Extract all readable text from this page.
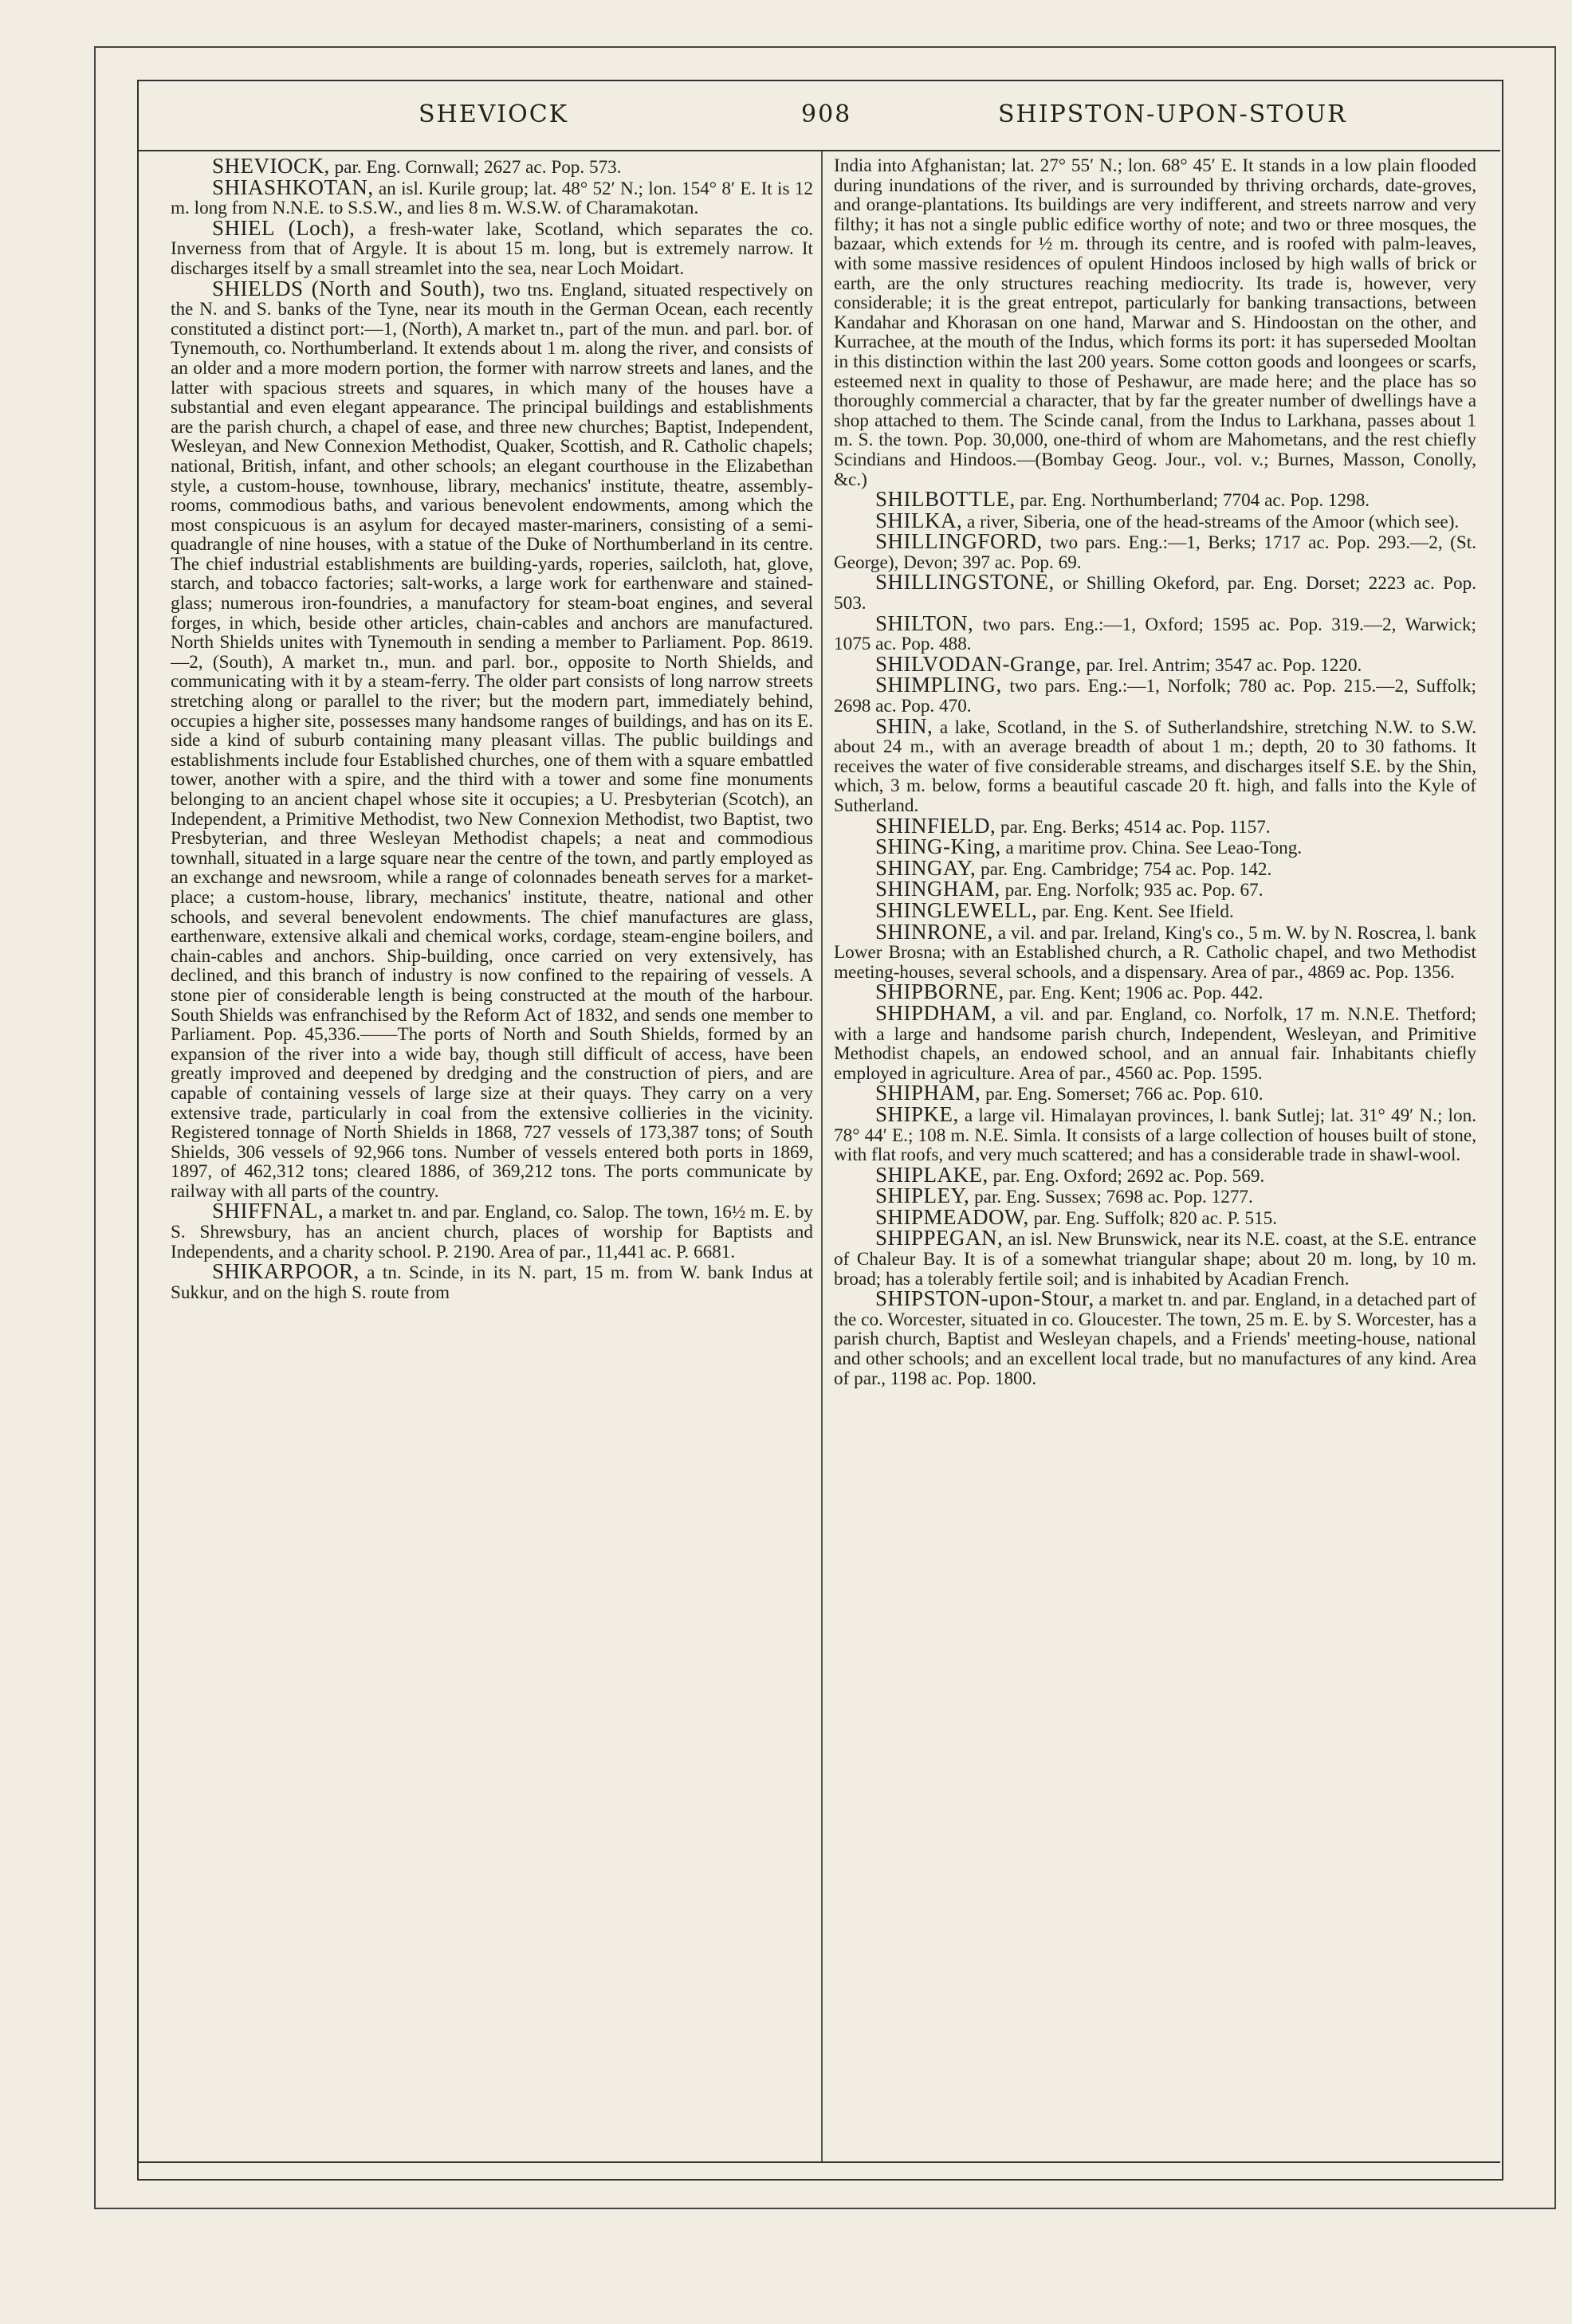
SHEVIOCK	908	SHIPSTON-UPON-STOUR

SHEVIOCK, par. Eng. Cornwall; 2627 ac. Pop. 573.

SHIASHKOTAN, an isl. Kurile group; lat. 48° 52′ N.; lon. 154° 8′ E. It is 12 m. long from N.N.E. to S.S.W., and lies 8 m. W.S.W. of Charamakotan.

SHIEL (Loch), a fresh-water lake, Scotland, which separates the co. Inverness from that of Argyle. It is about 15 m. long, but is extremely narrow. It discharges itself by a small streamlet into the sea, near Loch Moidart.

SHIELDS (North and South), two tns. England, situated respectively on the N. and S. banks of the Tyne, near its mouth in the German Ocean, each recently constituted a distinct port:—1, (North), A market tn., part of the mun. and parl. bor. of Tynemouth, co. Northumberland. It extends about 1 m. along the river, and consists of an older and a more modern portion, the former with narrow streets and lanes, and the latter with spacious streets and squares, in which many of the houses have a substantial and even elegant appearance. The principal buildings and establishments are the parish church, a chapel of ease, and three new churches; Baptist, Independent, Wesleyan, and New Connexion Methodist, Quaker, Scottish, and R. Catholic chapels; national, British, infant, and other schools; an elegant courthouse in the Elizabethan style, a custom-house, townhouse, library, mechanics' institute, theatre, assembly-rooms, commodious baths, and various benevolent endowments, among which the most conspicuous is an asylum for decayed master-mariners, consisting of a semi-quadrangle of nine houses, with a statue of the Duke of Northumberland in its centre. The chief industrial establishments are building-yards, roperies, sailcloth, hat, glove, starch, and tobacco factories; salt-works, a large work for earthenware and stained-glass; numerous iron-foundries, a manufactory for steam-boat engines, and several forges, in which, beside other articles, chain-cables and anchors are manufactured. North Shields unites with Tynemouth in sending a member to Parliament. Pop. 8619.—2, (South), A market tn., mun. and parl. bor., opposite to North Shields, and communicating with it by a steam-ferry. The older part consists of long narrow streets stretching along or parallel to the river; but the modern part, immediately behind, occupies a higher site, possesses many handsome ranges of buildings, and has on its E. side a kind of suburb containing many pleasant villas. The public buildings and establishments include four Established churches, one of them with a square embattled tower, another with a spire, and the third with a tower and some fine monuments belonging to an ancient chapel whose site it occupies; a U. Presbyterian (Scotch), an Independent, a Primitive Methodist, two New Connexion Methodist, two Baptist, two Presbyterian, and three Wesleyan Methodist chapels; a neat and commodious townhall, situated in a large square near the centre of the town, and partly employed as an exchange and newsroom, while a range of colonnades beneath serves for a market-place; a custom-house, library, mechanics' institute, theatre, national and other schools, and several benevolent endowments. The chief manufactures are glass, earthenware, extensive alkali and chemical works, cordage, steam-engine boilers, and chain-cables and anchors. Ship-building, once carried on very extensively, has declined, and this branch of industry is now confined to the repairing of vessels. A stone pier of considerable length is being constructed at the mouth of the harbour. South Shields was enfranchised by the Reform Act of 1832, and sends one member to Parliament. Pop. 45,336.——The ports of North and South Shields, formed by an expansion of the river into a wide bay, though still difficult of access, have been greatly improved and deepened by dredging and the construction of piers, and are capable of containing vessels of large size at their quays. They carry on a very extensive trade, particularly in coal from the extensive collieries in the vicinity. Registered tonnage of North Shields in 1868, 727 vessels of 173,387 tons; of South Shields, 306 vessels of 92,966 tons. Number of vessels entered both ports in 1869, 1897, of 462,312 tons; cleared 1886, of 369,212 tons. The ports communicate by railway with all parts of the country.

SHIFFNAL, a market tn. and par. England, co. Salop. The town, 16½ m. E. by S. Shrewsbury, has an ancient church, places of worship for Baptists and Independents, and a charity school. P. 2190. Area of par., 11,441 ac. P. 6681.

SHIKARPOOR, a tn. Scinde, in its N. part, 15 m. from W. bank Indus at Sukkur, and on the high S. route from

India into Afghanistan; lat. 27° 55′ N.; lon. 68° 45′ E. It stands in a low plain flooded during inundations of the river, and is surrounded by thriving orchards, date-groves, and orange-plantations. Its buildings are very indifferent, and streets narrow and very filthy; it has not a single public edifice worthy of note; and two or three mosques, the bazaar, which extends for ½ m. through its centre, and is roofed with palm-leaves, with some massive residences of opulent Hindoos inclosed by high walls of brick or earth, are the only structures reaching mediocrity. Its trade is, however, very considerable; it is the great entrepot, particularly for banking transactions, between Kandahar and Khorasan on one hand, Marwar and S. Hindoostan on the other, and Kurrachee, at the mouth of the Indus, which forms its port: it has superseded Mooltan in this distinction within the last 200 years. Some cotton goods and loongees or scarfs, esteemed next in quality to those of Peshawur, are made here; and the place has so thoroughly commercial a character, that by far the greater number of dwellings have a shop attached to them. The Scinde canal, from the Indus to Larkhana, passes about 1 m. S. the town. Pop. 30,000, one-third of whom are Mahometans, and the rest chiefly Scindians and Hindoos.—(Bombay Geog. Jour., vol. v.; Burnes, Masson, Conolly, &c.)

SHILBOTTLE, par. Eng. Northumberland; 7704 ac. Pop. 1298.

SHILKA, a river, Siberia, one of the head-streams of the Amoor (which see).

SHILLINGFORD, two pars. Eng.:—1, Berks; 1717 ac. Pop. 293.—2, (St. George), Devon; 397 ac. Pop. 69.

SHILLINGSTONE, or Shilling Okeford, par. Eng. Dorset; 2223 ac. Pop. 503.

SHILTON, two pars. Eng.:—1, Oxford; 1595 ac. Pop. 319.—2, Warwick; 1075 ac. Pop. 488.

SHILVODAN-Grange, par. Irel. Antrim; 3547 ac. Pop. 1220.

SHIMPLING, two pars. Eng.:—1, Norfolk; 780 ac. Pop. 215.—2, Suffolk; 2698 ac. Pop. 470.

SHIN, a lake, Scotland, in the S. of Sutherlandshire, stretching N.W. to S.W. about 24 m., with an average breadth of about 1 m.; depth, 20 to 30 fathoms. It receives the water of five considerable streams, and discharges itself S.E. by the Shin, which, 3 m. below, forms a beautiful cascade 20 ft. high, and falls into the Kyle of Sutherland.

SHINFIELD, par. Eng. Berks; 4514 ac. Pop. 1157.

SHING-King, a maritime prov. China. See Leao-Tong.

SHINGAY, par. Eng. Cambridge; 754 ac. Pop. 142.

SHINGHAM, par. Eng. Norfolk; 935 ac. Pop. 67.

SHINGLEWELL, par. Eng. Kent. See Ifield.

SHINRONE, a vil. and par. Ireland, King's co., 5 m. W. by N. Roscrea, l. bank Lower Brosna; with an Established church, a R. Catholic chapel, and two Methodist meeting-houses, several schools, and a dispensary. Area of par., 4869 ac. Pop. 1356.

SHIPBORNE, par. Eng. Kent; 1906 ac. Pop. 442.

SHIPDHAM, a vil. and par. England, co. Norfolk, 17 m. N.N.E. Thetford; with a large and handsome parish church, Independent, Wesleyan, and Primitive Methodist chapels, an endowed school, and an annual fair. Inhabitants chiefly employed in agriculture. Area of par., 4560 ac. Pop. 1595.

SHIPHAM, par. Eng. Somerset; 766 ac. Pop. 610.

SHIPKE, a large vil. Himalayan provinces, l. bank Sutlej; lat. 31° 49′ N.; lon. 78° 44′ E.; 108 m. N.E. Simla. It consists of a large collection of houses built of stone, with flat roofs, and very much scattered; and has a considerable trade in shawl-wool.

SHIPLAKE, par. Eng. Oxford; 2692 ac. Pop. 569.

SHIPLEY, par. Eng. Sussex; 7698 ac. Pop. 1277.

SHIPMEADOW, par. Eng. Suffolk; 820 ac. P. 515.

SHIPPEGAN, an isl. New Brunswick, near its N.E. coast, at the S.E. entrance of Chaleur Bay. It is of a somewhat triangular shape; about 20 m. long, by 10 m. broad; has a tolerably fertile soil; and is inhabited by Acadian French.

SHIPSTON-upon-Stour, a market tn. and par. England, in a detached part of the co. Worcester, situated in co. Gloucester. The town, 25 m. E. by S. Worcester, has a parish church, Baptist and Wesleyan chapels, and a Friends' meeting-house, national and other schools; and an excellent local trade, but no manufactures of any kind. Area of par., 1198 ac. Pop. 1800.
